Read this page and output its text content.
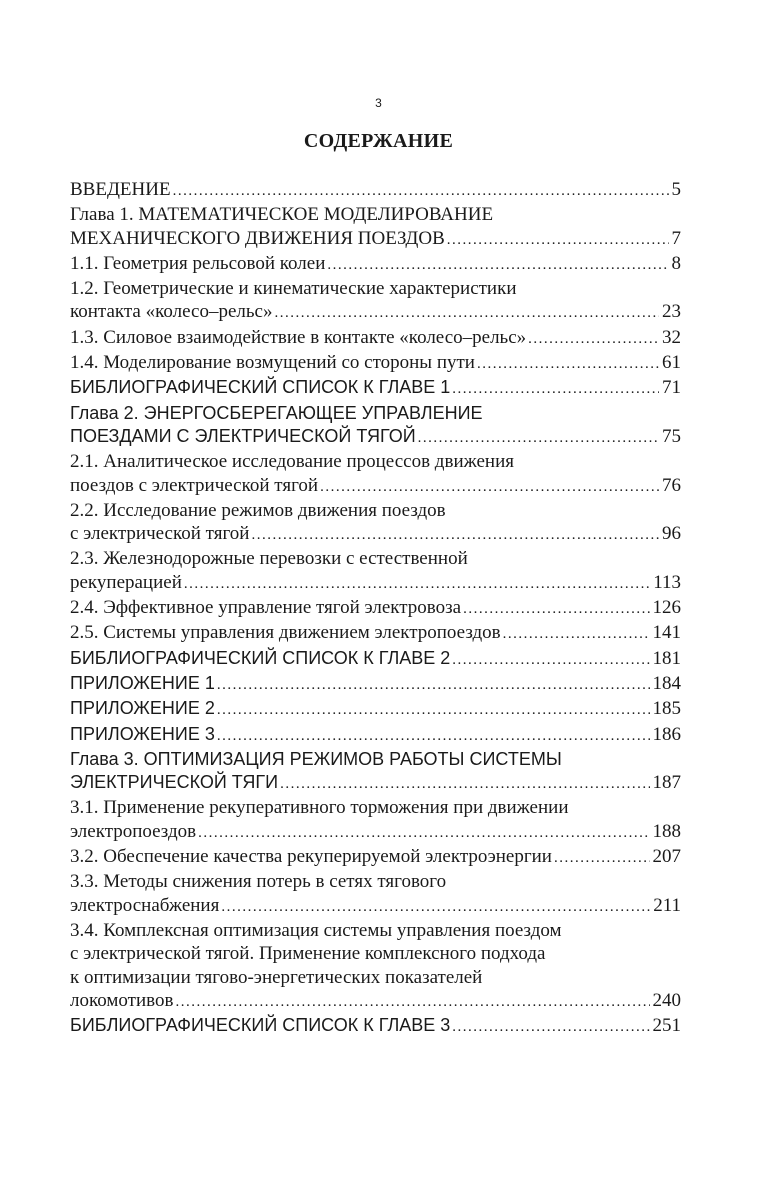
3
СОДЕРЖАНИЕ
ВВЕДЕНИЕ .....	5
Глава 1. МАТЕМАТИЧЕСКОЕ МОДЕЛИРОВАНИЕ
МЕХАНИЧЕСКОГО ДВИЖЕНИЯ ПОЕЗДОВ .....	7
1.1. Геометрия рельсовой колеи .....	8
1.2. Геометрические и кинематические характеристики
контакта «колесо–рельс» .....	23
1.3. Силовое взаимодействие в контакте «колесо–рельс» .....	32
1.4. Моделирование возмущений со стороны пути .....	61
БИБЛИОГРАФИЧЕСКИЙ СПИСОК К ГЛАВЕ 1 .....	71
Глава 2. ЭНЕРГОСБЕРЕГАЮЩЕЕ УПРАВЛЕНИЕ
ПОЕЗДАМИ С ЭЛЕКТРИЧЕСКОЙ ТЯГОЙ .....	75
2.1. Аналитическое исследование процессов движения
поездов с электрической тягой .....	76
2.2. Исследование режимов движения поездов
с электрической тягой .....	96
2.3. Железнодорожные перевозки с естественной
рекуперацией .....	113
2.4. Эффективное управление тягой электровоза .....	126
2.5. Системы управления движением электропоездов .....	141
БИБЛИОГРАФИЧЕСКИЙ СПИСОК К ГЛАВЕ 2 .....	181
ПРИЛОЖЕНИЕ 1 .....	184
ПРИЛОЖЕНИЕ 2 .....	185
ПРИЛОЖЕНИЕ 3 .....	186
Глава 3. ОПТИМИЗАЦИЯ РЕЖИМОВ РАБОТЫ СИСТЕМЫ
ЭЛЕКТРИЧЕСКОЙ ТЯГИ .....	187
3.1. Применение рекуперативного торможения при движении
электропоездов .....	188
3.2. Обеспечение качества рекуперируемой электроэнергии .....	207
3.3. Методы снижения потерь в сетях тягового
электроснабжения .....	211
3.4. Комплексная оптимизация системы управления поездом
с электрической тягой. Применение комплексного подхода
к оптимизации тягово-энергетических показателей
локомотивов .....	240
БИБЛИОГРАФИЧЕСКИЙ СПИСОК К ГЛАВЕ 3 .....	251
